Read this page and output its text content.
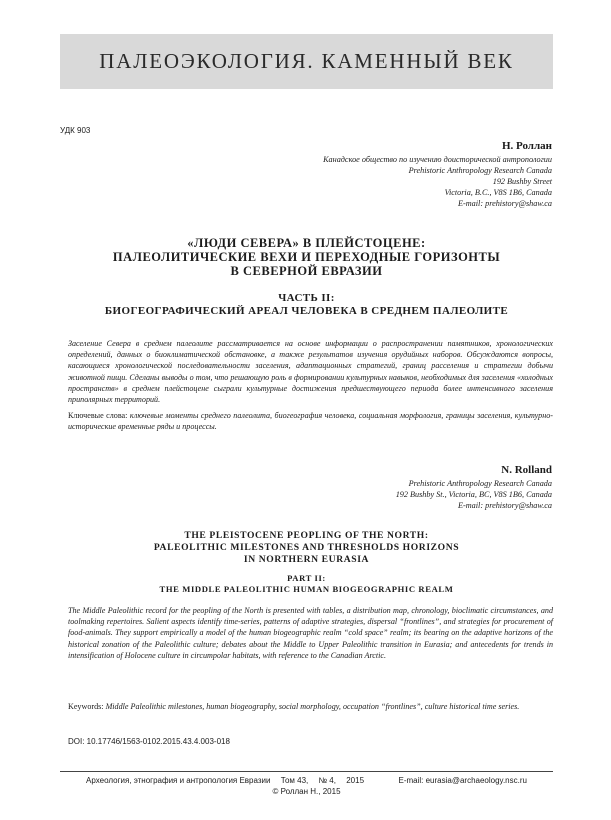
ПАЛЕОЭКОЛОГИЯ. КАМЕННЫЙ ВЕК
УДК 903
Н. Роллан
Канадское общество по изучению доисторической антропологии
Prehistoric Anthropology Research Canada
192 Bushby Street
Victoria, B.C., V8S 1B6, Canada
E-mail: prehistory@shaw.ca
«ЛЮДИ СЕВЕРА» В ПЛЕЙСТОЦЕНЕ:
ПАЛЕОЛИТИЧЕСКИЕ ВЕХИ И ПЕРЕХОДНЫЕ ГОРИЗОНТЫ
В СЕВЕРНОЙ ЕВРАЗИИ
ЧАСТЬ II:
БИОГЕОГРАФИЧЕСКИЙ АРЕАЛ ЧЕЛОВЕКА В СРЕДНЕМ ПАЛЕОЛИТЕ
Заселение Севера в среднем палеолите рассматривается на основе информации о распространении памятников, хронологических определений, данных о биоклиматической обстановке, а также результатов изучения орудийных наборов. Обсуждаются вопросы, касающиеся хронологической последовательности заселения, адаптационных стратегий, границ расселения и стратегии добычи животной пищи. Сделаны выводы о том, что решающую роль в формировании культурных навыков, необходимых для заселения «холодных пространств» в среднем плейстоцене сыграли культурные достижения предшествующего периода более интенсивного заселения приполярных территорий.
Ключевые слова: ключевые моменты среднего палеолита, биогеография человека, социальная морфология, границы заселения, культурно-исторические временные ряды и процессы.
N. Rolland
Prehistoric Anthropology Research Canada
192 Bushby St., Victoria, BC, V8S 1B6, Canada
E-mail: prehistory@shaw.ca
THE PLEISTOCENE PEOPLING OF THE NORTH:
PALEOLITHIC MILESTONES AND THRESHOLDS HORIZONS
IN NORTHERN EURASIA
PART II:
THE MIDDLE PALEOLITHIC HUMAN BIOGEOGRAPHIC REALM
The Middle Paleolithic record for the peopling of the North is presented with tables, a distribution map, chronology, bioclimatic circumstances, and toolmaking repertoires. Salient aspects identify time-series, patterns of adaptive strategies, dispersal “frontlines”, and strategies for procurement of food-animals. They support empirically a model of the human biogeographic realm “cold space” realm; its bearing on the adaptive horizons of the historical zonation of the Paleolithic culture; debates about the Middle to Upper Paleolithic transition in Eurasia; and antecedents for trends in intensification of Holocene culture in circumpolar habitats, with reference to the Canadian Arctic.
Keywords: Middle Paleolithic milestones, human biogeography, social morphology, occupation “frontlines”, culture historical time series.
DOI: 10.17746/1563-0102.2015.43.4.003-018
Археология, этнография и антропология Евразии Том 43, № 4, 2015	E-mail: eurasia@archaeology.nsc.ru
© Роллан Н., 2015
